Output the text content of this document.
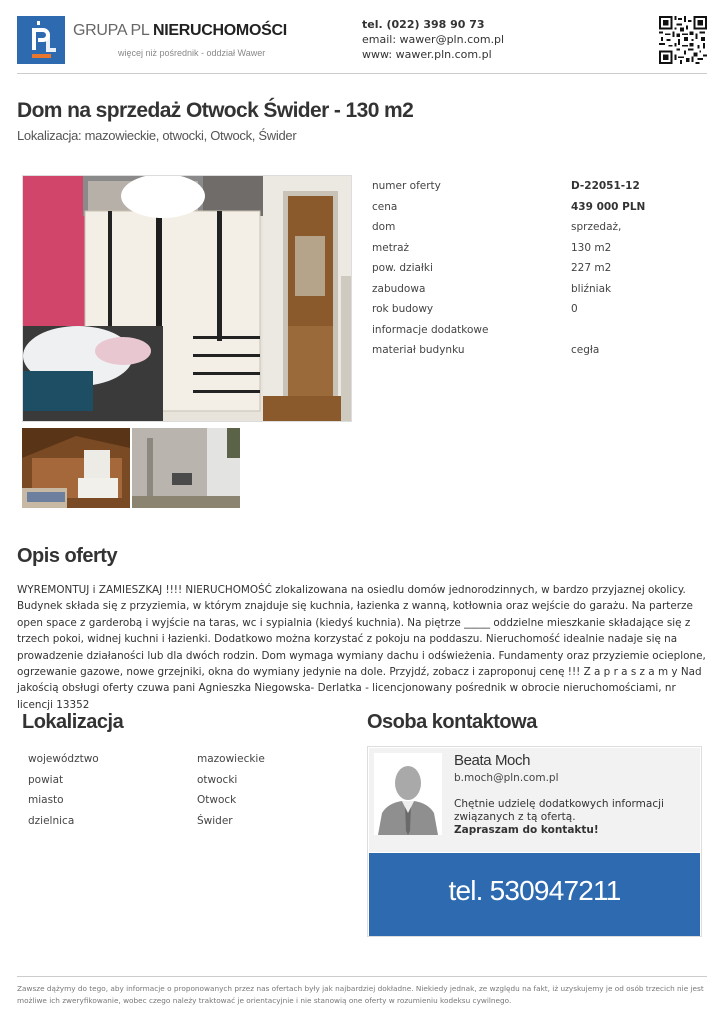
GRUPA PL NIERUCHOMOŚCI
więcej niż pośrednik - oddział Wawer
tel. (022) 398 90 73
email: wawer@pln.com.pl
www: wawer.pln.com.pl
Dom na sprzedaż Otwock Świder - 130 m2
Lokalizacja: mazowieckie, otwocki, Otwock, Świder
numer oferty	D-22051-12
cena	439 000 PLN
dom	sprzedaż,
metraż	130 m2
pow. działki	227 m2
zabudowa	bliźniak
rok budowy	0
informacje dodatkowe
materiał budynku	cegła
Opis oferty

WYREMONTUJ i ZAMIESZKAJ !!!! NIERUCHOMOŚĆ zlokalizowana na osiedlu domów jednorodzinnych, w bardzo przyjaznej okolicy. Budynek składa się z przyziemia, w którym znajduje się kuchnia, łazienka z wanną, kotłownia oraz wejście do garażu. Na parterze open space z garderobą i wyjście na taras, wc i sypialnia (kiedyś kuchnia). Na piętrze _____ oddzielne mieszkanie składające się z trzech pokoi, widnej kuchni i łazienki. Dodatkowo można korzystać z pokoju na poddaszu. Nieruchomość idealnie nadaje się na prowadzenie działaności lub dla dwóch rodzin. Dom wymaga wymiany dachu i odświeżenia. Fundamenty oraz przyziemie ocieplone, ogrzewanie gazowe, nowe grzejniki, okna do wymiany jedynie na dole. Przyjdź, zobacz i zaproponuj cenę !!! Z a p r a s z a m y Nad jakością obsługi oferty czuwa pani Agnieszka Niegowska- Derlatka - licencjonowany pośrednik w obrocie nieruchomościami, nr licencji 13352

Lokalizacja
województwo	mazowieckie
powiat	otwocki
miasto	Otwock
dzielnica	Świder
Osoba kontaktowa
Beata Moch
b.moch@pln.com.pl
Chętnie udzielę dodatkowych informacji związanych z tą ofertą.
Zapraszam do kontaktu!
tel. 530947211

Zawsze dążymy do tego, aby informacje o proponowanych przez nas ofertach były jak najbardziej dokładne. Niekiedy jednak, ze względu na fakt, iż uzyskujemy je od osób trzecich nie jest możliwe ich zweryfikowanie, wobec czego należy traktować je orientacyjnie i nie stanowią one oferty w rozumieniu kodeksu cywilnego.
